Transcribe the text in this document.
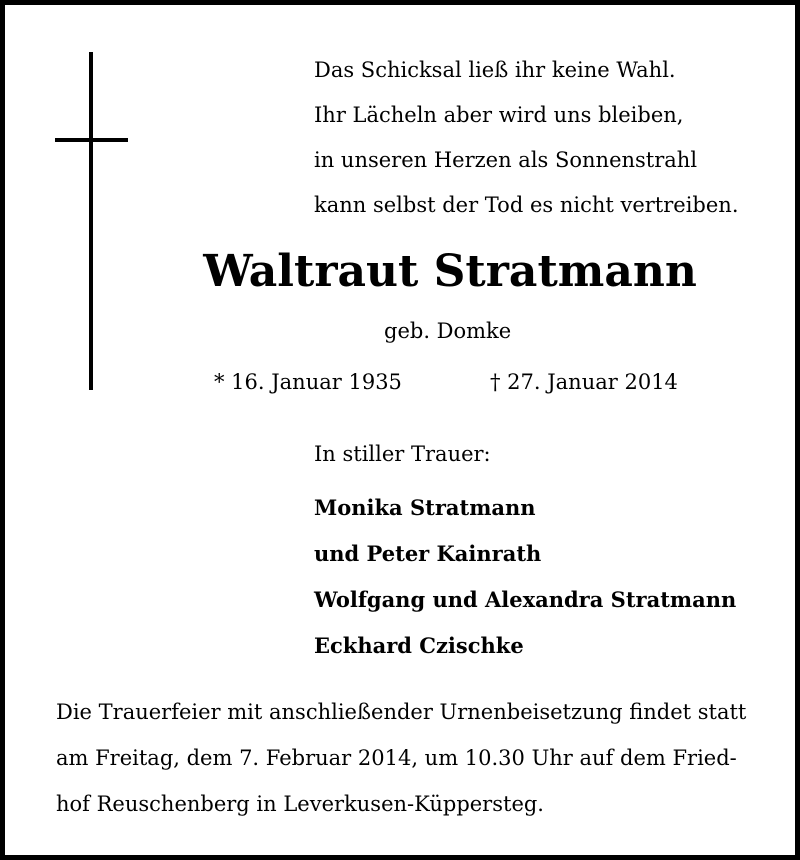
Das Schicksal ließ ihr keine Wahl.
Ihr Lächeln aber wird uns bleiben,
in unseren Herzen als Sonnenstrahl
kann selbst der Tod es nicht vertreiben.
Waltraut Stratmann
geb. Domke
* 16. Januar 1935	† 27. Januar 2014
In stiller Trauer:
Monika Stratmann
und Peter Kainrath
Wolfgang und Alexandra Stratmann
Eckhard Czischke
Die Trauerfeier mit anschließender Urnenbeisetzung findet statt
am Freitag, dem 7. Februar 2014, um 10.30 Uhr auf dem Fried-
hof Reuschenberg in Leverkusen-Küppersteg.
